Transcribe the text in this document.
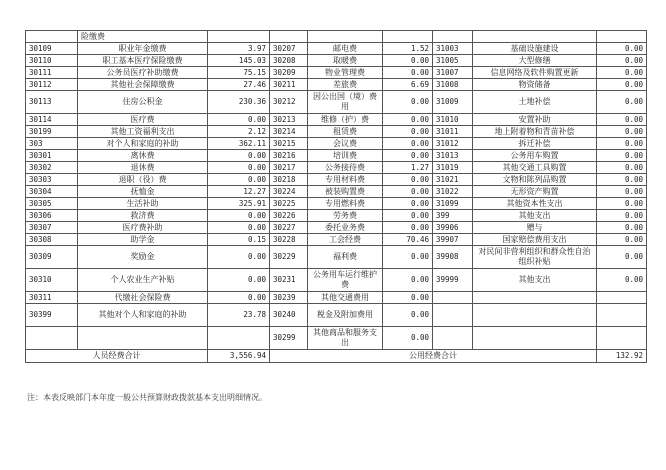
	险缴费							
30109	职业年金缴费	3.97	30207	邮电费	1.52	31003	基础设施建设	0.00
30110	职工基本医疗保险缴费	145.03	30208	取暖费	0.00	31005	大型修缮	0.00
30111	公务员医疗补助缴费	75.15	30209	物业管理费	0.00	31007	信息网络及软件购置更新	0.00
30112	其他社会保障缴费	27.46	30211	差旅费	6.69	31008	物资储备	0.00
30113	住房公积金	230.36	30212	因公出国（境）费用	0.00	31009	土地补偿	0.00
30114	医疗费	0.00	30213	维修（护）费	0.00	31010	安置补助	0.00
30199	其他工资福利支出	2.12	30214	租赁费	0.00	31011	地上附着物和青苗补偿	0.00
303	对个人和家庭的补助	362.11	30215	会议费	0.00	31012	拆迁补偿	0.00
30301	离休费	0.00	30216	培训费	0.00	31013	公务用车购置	0.00
30302	退休费	0.00	30217	公务接待费	1.27	31019	其他交通工具购置	0.00
30303	退职（役）费	0.00	30218	专用材料费	0.00	31021	文物和陈列品购置	0.00
30304	抚恤金	12.27	30224	被装购置费	0.00	31022	无形资产购置	0.00
30305	生活补助	325.91	30225	专用燃料费	0.00	31099	其他资本性支出	0.00
30306	救济费	0.00	30226	劳务费	0.00	399	其他支出	0.00
30307	医疗费补助	0.00	30227	委托业务费	0.00	39906	赠与	0.00
30308	助学金	0.15	30228	工会经费	70.46	39907	国家赔偿费用支出	0.00
30309	奖励金	0.00	30229	福利费	0.00	39908	对民间非营利组织和群众性自治组织补贴	0.00
30310	个人农业生产补贴	0.00	30231	公务用车运行维护费	0.00	39999	其他支出	0.00
30311	代缴社会保险费	0.00	30239	其他交通费用	0.00			
30399	其他对个人和家庭的补助	23.78	30240	税金及附加费用	0.00			
			30299	其他商品和服务支出	0.00			
人员经费合计		3,556.94	公用经费合计					132.92
注：本表反映部门本年度一般公共预算财政拨款基本支出明细情况。
